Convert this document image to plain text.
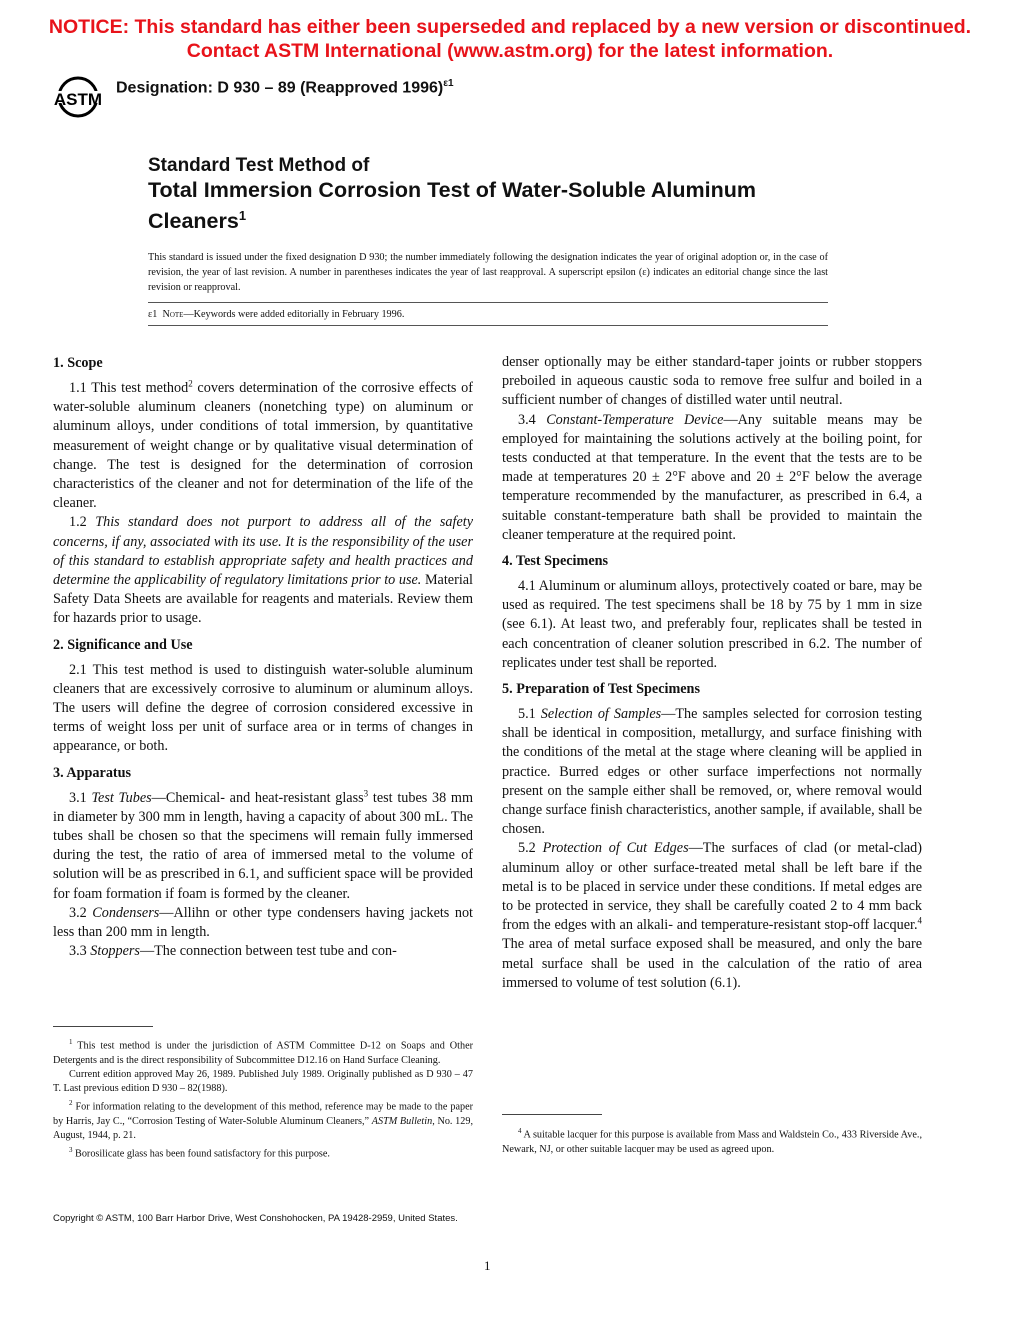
NOTICE: This standard has either been superseded and replaced by a new version or discontinued.
Contact ASTM International (www.astm.org) for the latest information.
ASTM
Designation: D 930 – 89 (Reapproved 1996)$^{\varepsilon 1}$
Standard Test Method of
Total Immersion Corrosion Test of Water-Soluble Aluminum Cleaners$^1$
This standard is issued under the fixed designation D 930; the number immediately following the designation indicates the year of original adoption or, in the case of revision, the year of last revision. A number in parentheses indicates the year of last reapproval. A superscript epsilon (ε) indicates an editorial change since the last revision or reapproval.
ε1 Note—Keywords were added editorially in February 1996.
1. Scope

1.1 This test method$^2$ covers determination of the corrosive effects of water-soluble aluminum cleaners (nonetching type) on aluminum or aluminum alloys, under conditions of total immersion, by quantitative measurement of weight change or by qualitative visual determination of change. The test is designed for the determination of corrosion characteristics of the cleaner and not for determination of the life of the cleaner.

1.2 This standard does not purport to address all of the safety concerns, if any, associated with its use. It is the responsibility of the user of this standard to establish appropriate safety and health practices and determine the applicability of regulatory limitations prior to use. Material Safety Data Sheets are available for reagents and materials. Review them for hazards prior to usage.

2. Significance and Use

2.1 This test method is used to distinguish water-soluble aluminum cleaners that are excessively corrosive to aluminum or aluminum alloys. The users will define the degree of corrosion considered excessive in terms of weight loss per unit of surface area or in terms of changes in appearance, or both.

3. Apparatus

3.1 Test Tubes—Chemical- and heat-resistant glass$^3$ test tubes 38 mm in diameter by 300 mm in length, having a capacity of about 300 mL. The tubes shall be chosen so that the specimens will remain fully immersed during the test, the ratio of area of immersed metal to the volume of solution will be as prescribed in 6.1, and sufficient space will be provided for foam formation if foam is formed by the cleaner.

3.2 Condensers—Allihn or other type condensers having jackets not less than 200 mm in length.

3.3 Stoppers—The connection between test tube and con-

$^1$ This test method is under the jurisdiction of ASTM Committee D-12 on Soaps and Other Detergents and is the direct responsibility of Subcommittee D12.16 on Hand Surface Cleaning.

Current edition approved May 26, 1989. Published July 1989. Originally published as D 930 – 47 T. Last previous edition D 930 – 82(1988).

$^2$ For information relating to the development of this method, reference may be made to the paper by Harris, Jay C., “Corrosion Testing of Water-Soluble Aluminum Cleaners,” ASTM Bulletin, No. 129, August, 1944, p. 21.

$^3$ Borosilicate glass has been found satisfactory for this purpose.

denser optionally may be either standard-taper joints or rubber stoppers preboiled in aqueous caustic soda to remove free sulfur and boiled in a sufficient number of changes of distilled water until neutral.

3.4 Constant-Temperature Device—Any suitable means may be employed for maintaining the solutions actively at the boiling point, for tests conducted at that temperature. In the event that the tests are to be made at temperatures 20 ± 2°F above and 20 ± 2°F below the average temperature recommended by the manufacturer, as prescribed in 6.4, a suitable constant-temperature bath shall be provided to maintain the cleaner temperature at the required point.

4. Test Specimens

4.1 Aluminum or aluminum alloys, protectively coated or bare, may be used as required. The test specimens shall be 18 by 75 by 1 mm in size (see 6.1). At least two, and preferably four, replicates shall be tested in each concentration of cleaner solution prescribed in 6.2. The number of replicates under test shall be reported.

5. Preparation of Test Specimens

5.1 Selection of Samples—The samples selected for corrosion testing shall be identical in composition, metallurgy, and surface finishing with the conditions of the metal at the stage where cleaning will be applied in practice. Burred edges or other surface imperfections not normally present on the sample either shall be removed, or, where removal would change surface finish characteristics, another sample, if available, shall be chosen.

5.2 Protection of Cut Edges—The surfaces of clad (or metal-clad) aluminum alloy or other surface-treated metal shall be left bare if the metal is to be placed in service under these conditions. If metal edges are to be protected in service, they shall be carefully coated 2 to 4 mm back from the edges with an alkali- and temperature-resistant stop-off lacquer.$^4$ The area of metal surface exposed shall be measured, and only the bare metal surface shall be used in the calculation of the ratio of area immersed to volume of test solution (6.1).

$^4$ A suitable lacquer for this purpose is available from Mass and Waldstein Co., 433 Riverside Ave., Newark, NJ, or other suitable lacquer may be used as agreed upon.

Copyright © ASTM, 100 Barr Harbor Drive, West Conshohocken, PA 19428-2959, United States.
1
